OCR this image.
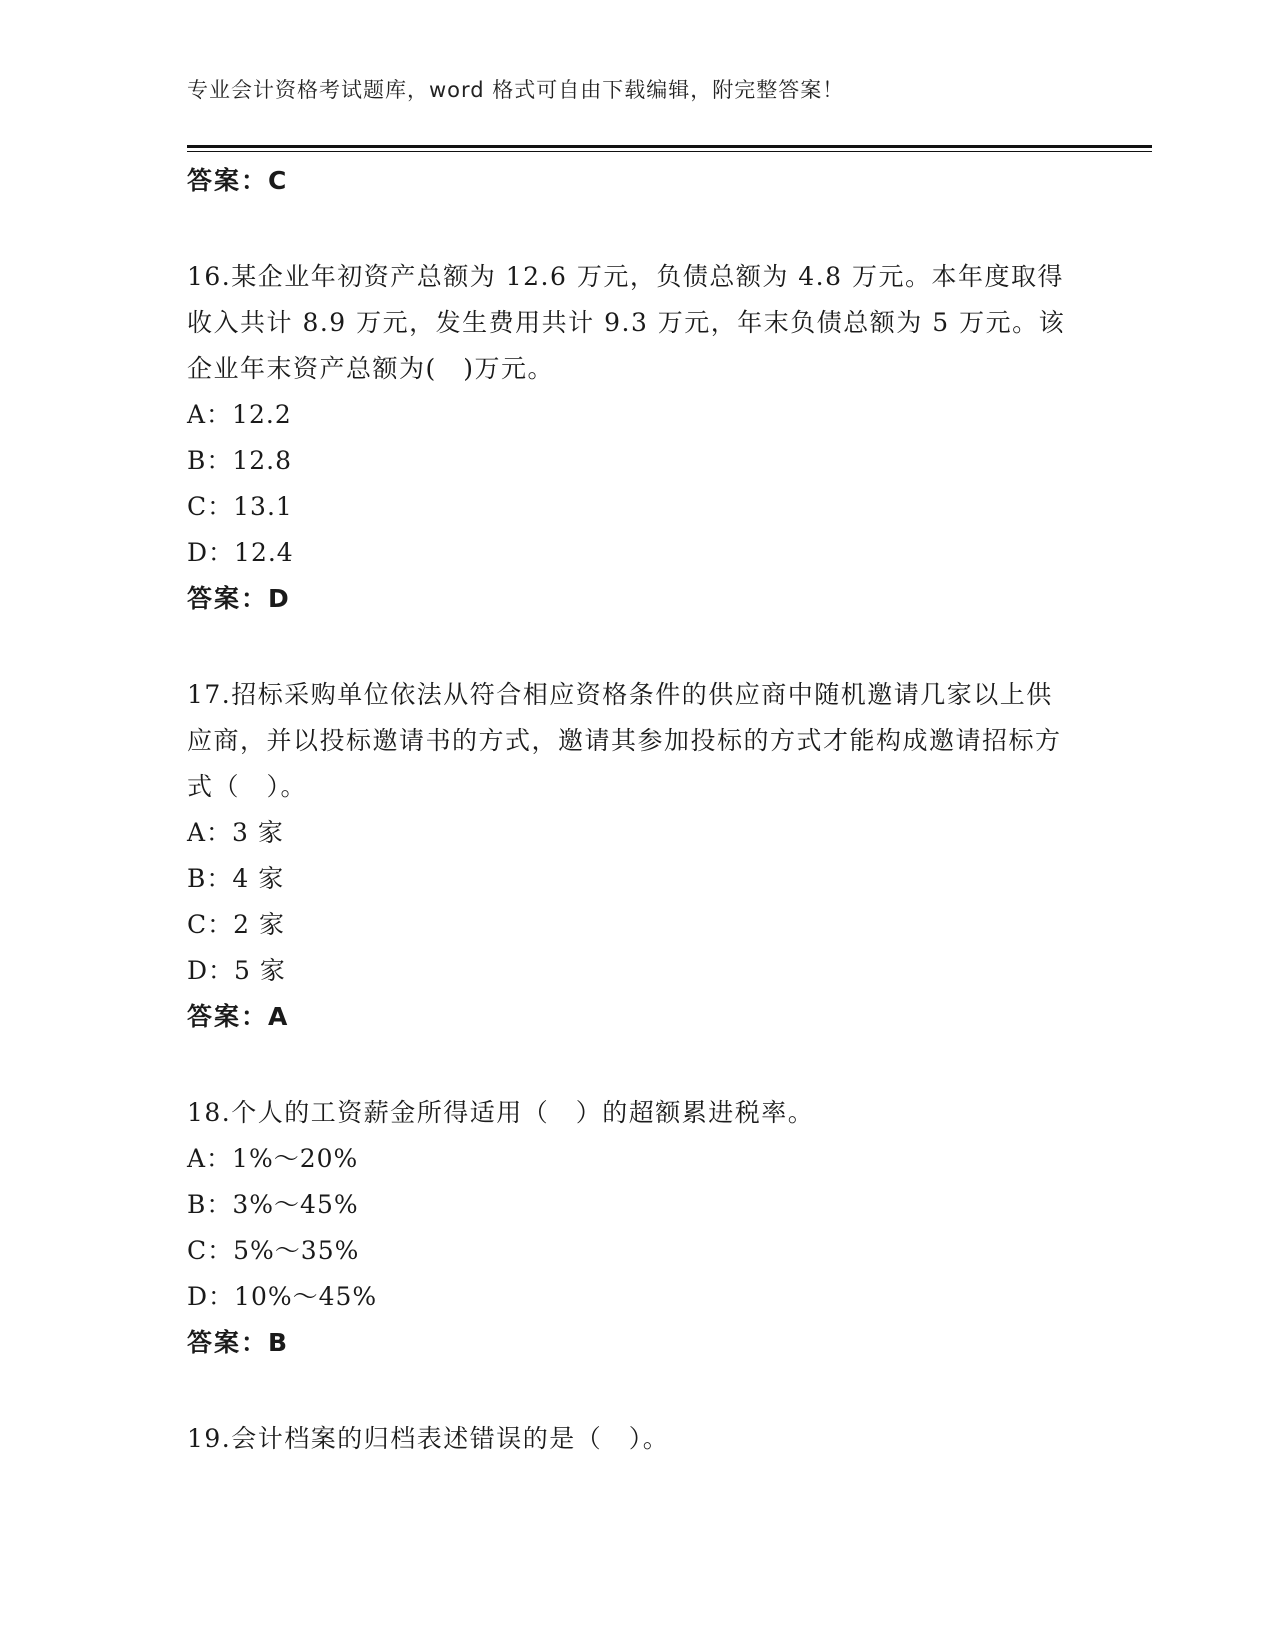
专业会计资格考试题库，word 格式可自由下载编辑，附完整答案！
答案：C
16.某企业年初资产总额为 12.6 万元，负债总额为 4.8 万元。本年度取得收入共计 8.9 万元，发生费用共计 9.3 万元，年末负债总额为 5 万元。该企业年末资产总额为(　)万元。
A：12.2
B：12.8
C：13.1
D：12.4
答案：D
17.招标采购单位依法从符合相应资格条件的供应商中随机邀请几家以上供应商，并以投标邀请书的方式，邀请其参加投标的方式才能构成邀请招标方式（　）。
A：3 家
B：4 家
C：2 家
D：5 家
答案：A
18.个人的工资薪金所得适用（　）的超额累进税率。
A：1%～20%
B：3%～45%
C：5%～35%
D：10%～45%
答案：B
19.会计档案的归档表述错误的是（　）。
